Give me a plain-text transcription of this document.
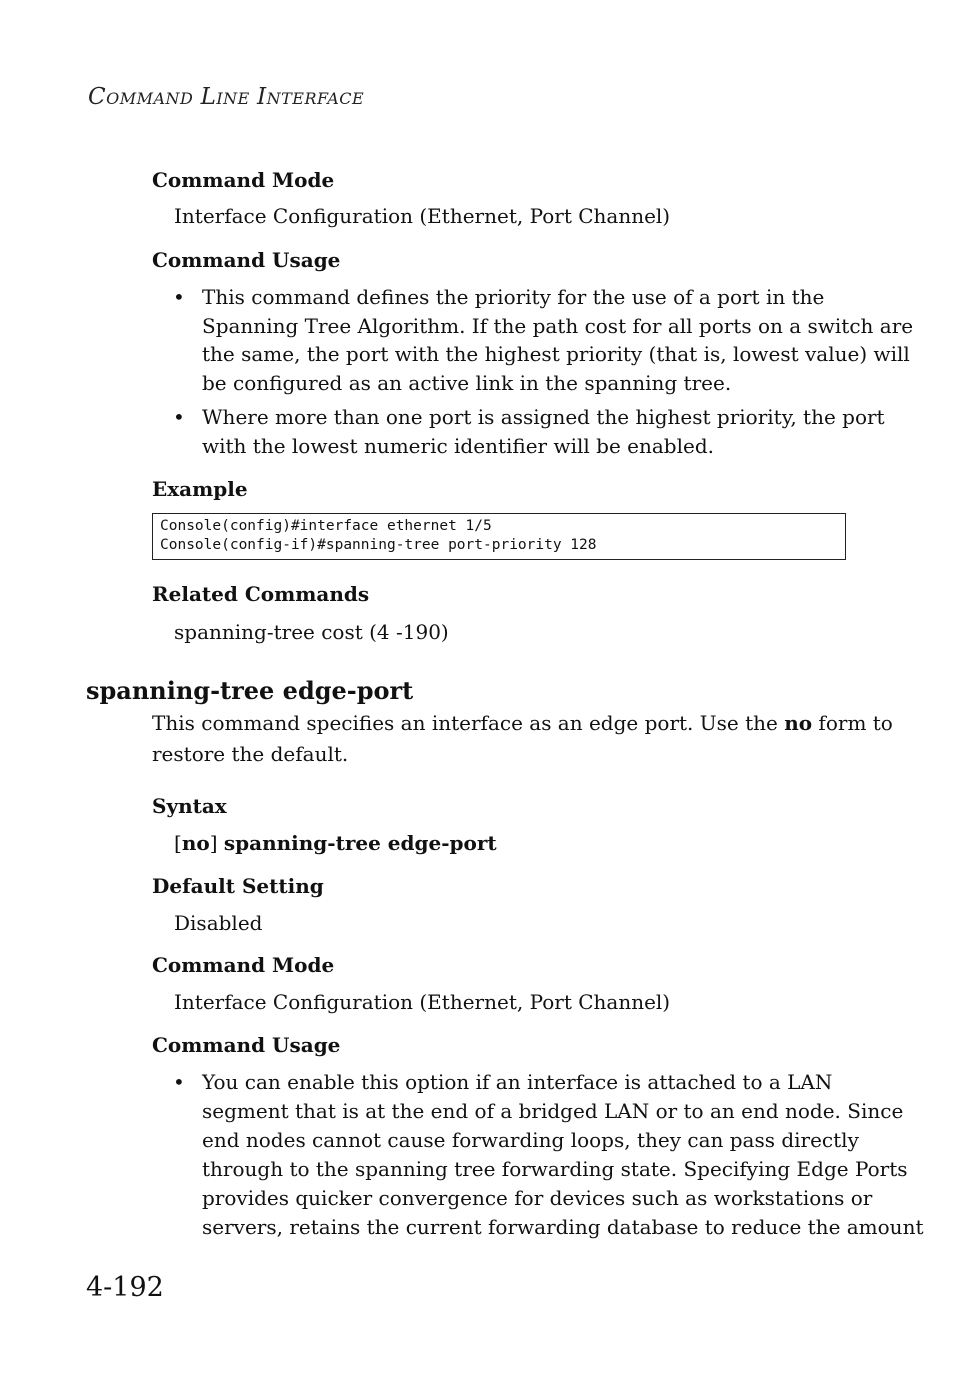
COMMAND LINE INTERFACE
Command Mode
Interface Configuration (Ethernet, Port Channel)
Command Usage
• This command defines the priority for the use of a port in the
Spanning Tree Algorithm. If the path cost for all ports on a switch are
the same, the port with the highest priority (that is, lowest value) will
be configured as an active link in the spanning tree.
• Where more than one port is assigned the highest priority, the port
with the lowest numeric identifier will be enabled.
Example
Console(config)#interface ethernet 1/5
Console(config-if)#spanning-tree port-priority 128
Related Commands
spanning-tree cost (4 -190)
spanning-tree edge-port
This command specifies an interface as an edge port. Use the no form to
restore the default.
Syntax
[no] spanning-tree edge-port
Default Setting
Disabled
Command Mode
Interface Configuration (Ethernet, Port Channel)
Command Usage
• You can enable this option if an interface is attached to a LAN
segment that is at the end of a bridged LAN or to an end node. Since
end nodes cannot cause forwarding loops, they can pass directly
through to the spanning tree forwarding state. Specifying Edge Ports
provides quicker convergence for devices such as workstations or
servers, retains the current forwarding database to reduce the amount
4-192
